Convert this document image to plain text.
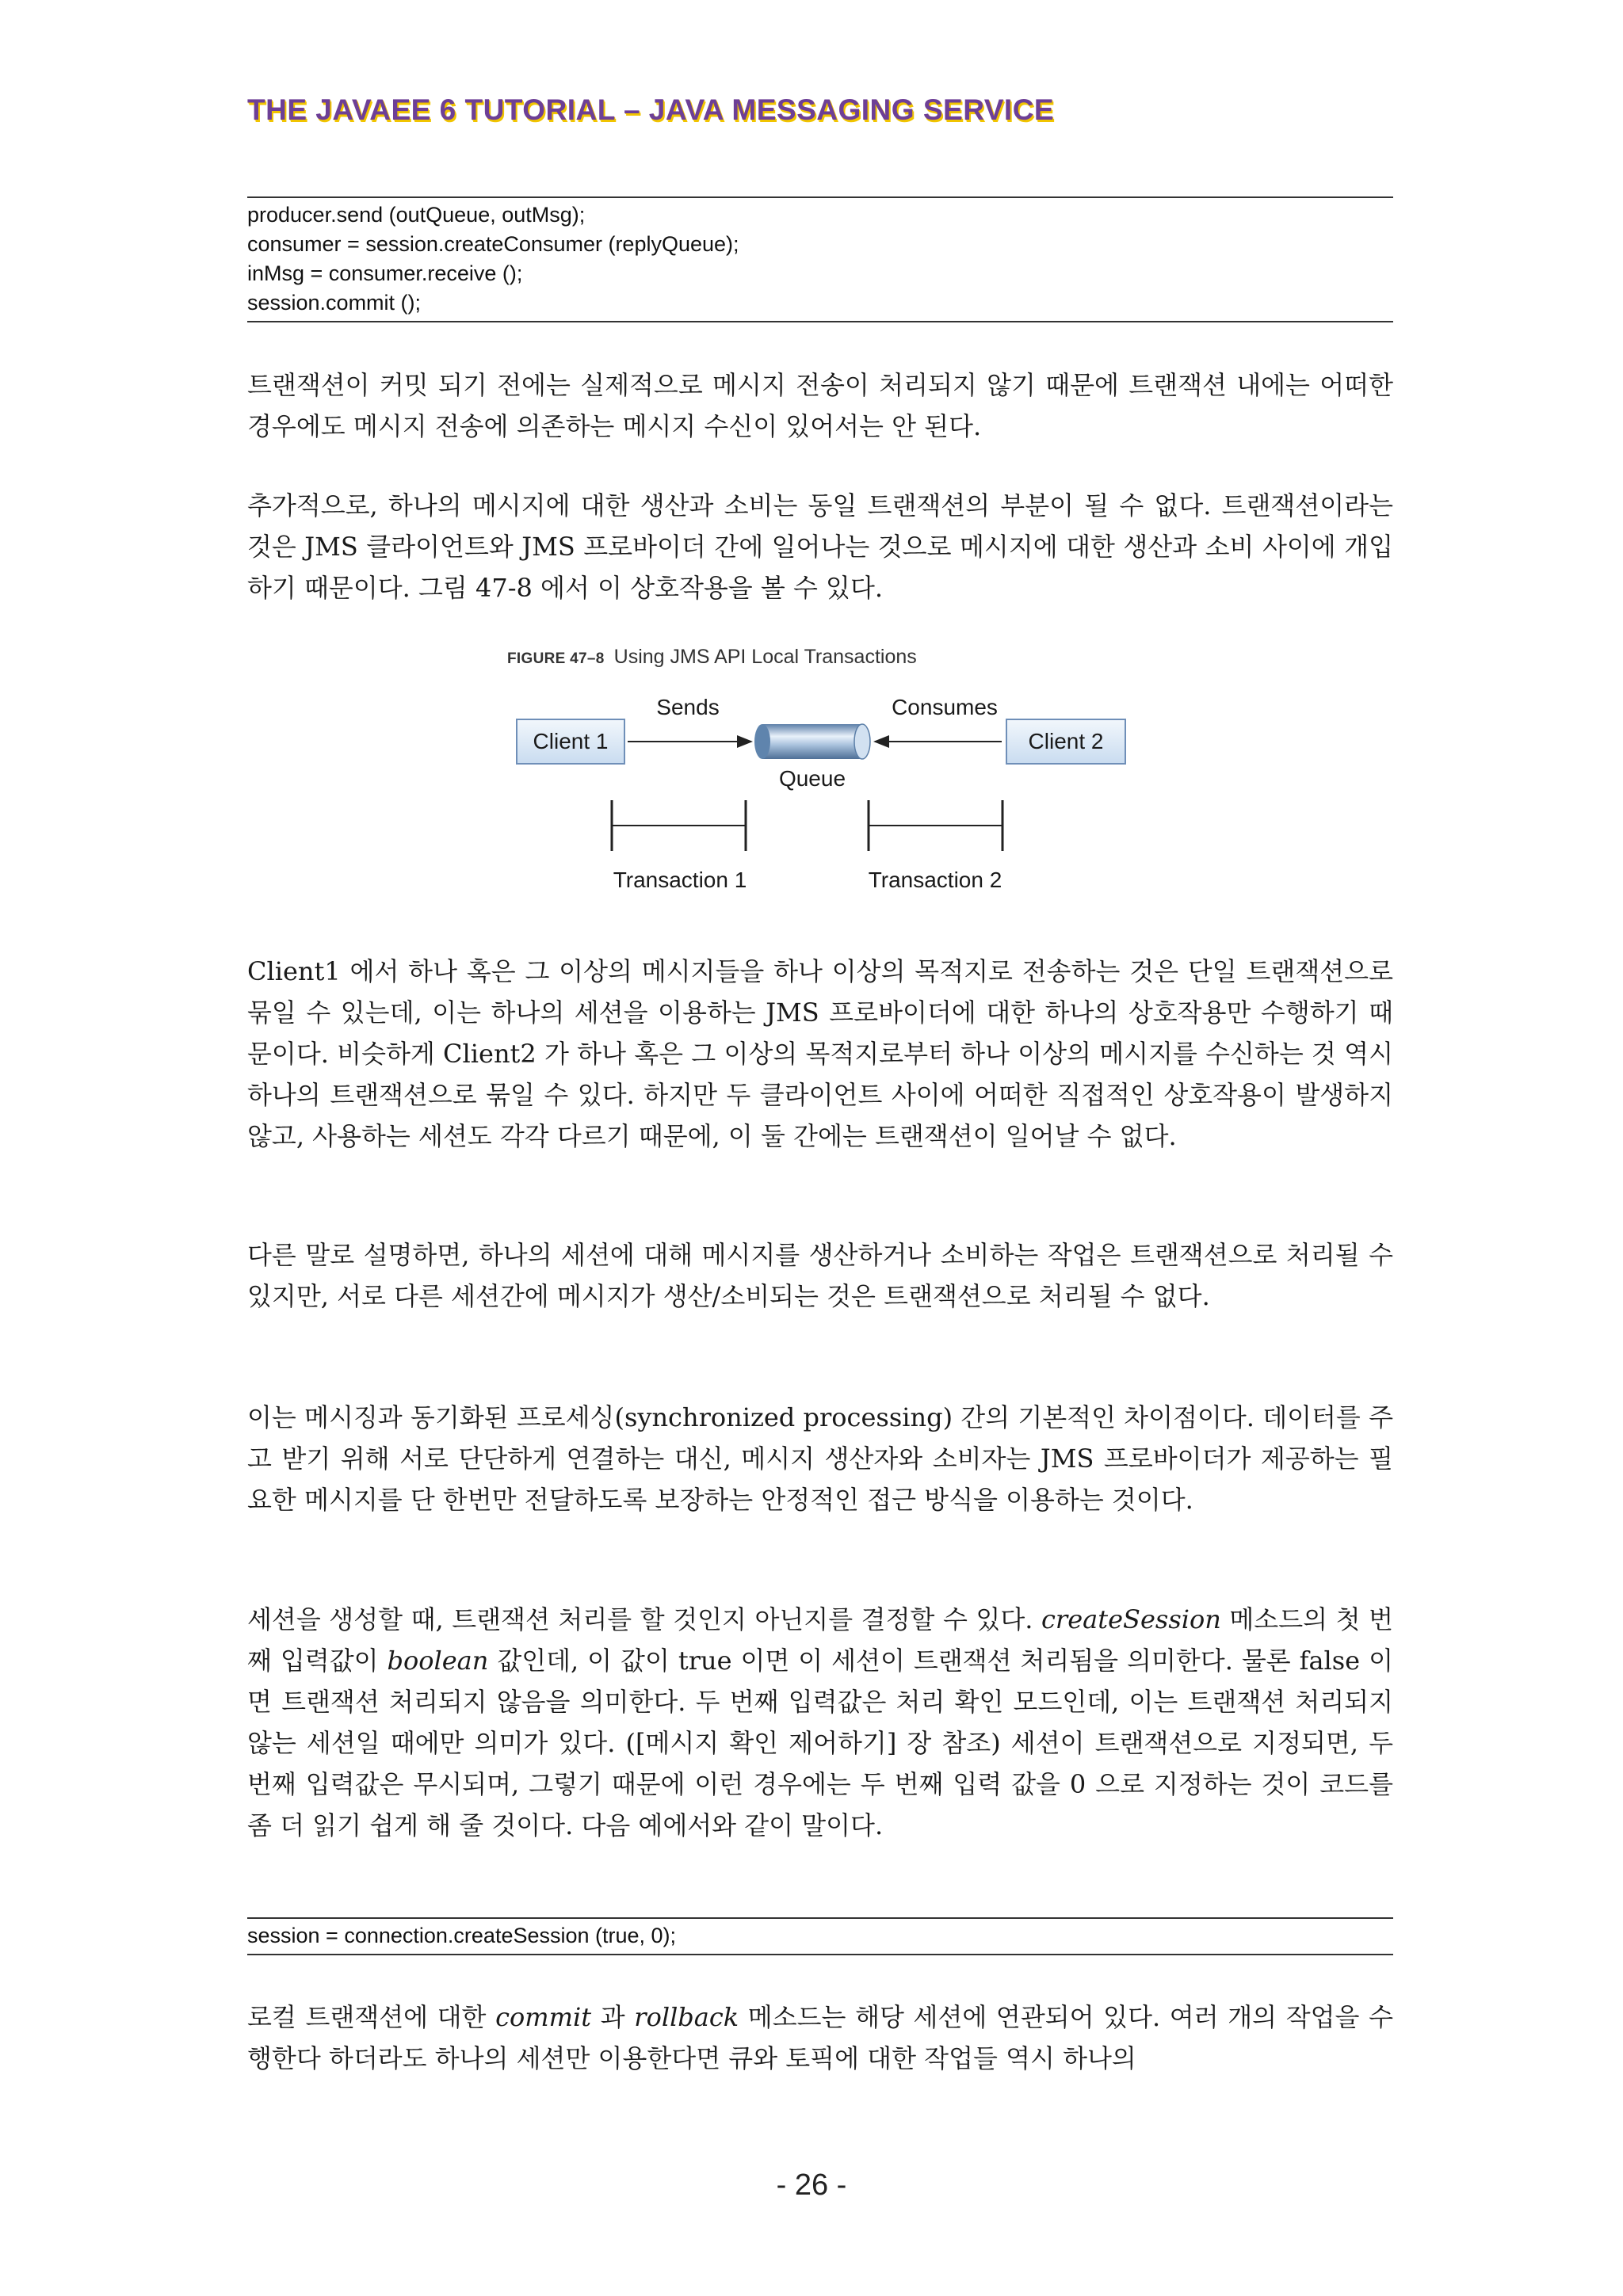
THE JAVAEE 6 TUTORIAL – JAVA MESSAGING SERVICE
producer.send (outQueue, outMsg);
consumer = session.createConsumer (replyQueue);
inMsg = consumer.receive ();
session.commit ();

트랜잭션이 커밋 되기 전에는 실제적으로 메시지 전송이 처리되지 않기 때문에 트랜잭션 내에는 어떠한 경우에도 메시지 전송에 의존하는 메시지 수신이 있어서는 안 된다.

추가적으로, 하나의 메시지에 대한 생산과 소비는 동일 트랜잭션의 부분이 될 수 없다. 트랜잭션이라는 것은 JMS 클라이언트와 JMS 프로바이더 간에 일어나는 것으로 메시지에 대한 생산과 소비 사이에 개입하기 때문이다. 그림 47-8 에서 이 상호작용을 볼 수 있다.

FIGURE 47–8 Using JMS API Local Transactions
Client 1	Client 2
Sends
Queue
Consumes
Transaction 1	Transaction 2

Client1 에서 하나 혹은 그 이상의 메시지들을 하나 이상의 목적지로 전송하는 것은 단일 트랜잭션으로 묶일 수 있는데, 이는 하나의 세션을 이용하는 JMS 프로바이더에 대한 하나의 상호작용만 수행하기 때문이다. 비슷하게 Client2 가 하나 혹은 그 이상의 목적지로부터 하나 이상의 메시지를 수신하는 것 역시 하나의 트랜잭션으로 묶일 수 있다. 하지만 두 클라이언트 사이에 어떠한 직접적인 상호작용이 발생하지 않고, 사용하는 세션도 각각 다르기 때문에, 이 둘 간에는 트랜잭션이 일어날 수 없다.

다른 말로 설명하면, 하나의 세션에 대해 메시지를 생산하거나 소비하는 작업은 트랜잭션으로 처리될 수 있지만, 서로 다른 세션간에 메시지가 생산/소비되는 것은 트랜잭션으로 처리될 수 없다.

이는 메시징과 동기화된 프로세싱(synchronized processing) 간의 기본적인 차이점이다. 데이터를 주고 받기 위해 서로 단단하게 연결하는 대신, 메시지 생산자와 소비자는 JMS 프로바이더가 제공하는 필요한 메시지를 단 한번만 전달하도록 보장하는 안정적인 접근 방식을 이용하는 것이다.

세션을 생성할 때, 트랜잭션 처리를 할 것인지 아닌지를 결정할 수 있다. createSession 메소드의 첫 번째 입력값이 boolean 값인데, 이 값이 true 이면 이 세션이 트랜잭션 처리됨을 의미한다. 물론 false 이면 트랜잭션 처리되지 않음을 의미한다. 두 번째 입력값은 처리 확인 모드인데, 이는 트랜잭션 처리되지 않는 세션일 때에만 의미가 있다. ([메시지 확인 제어하기] 장 참조) 세션이 트랜잭션으로 지정되면, 두 번째 입력값은 무시되며, 그렇기 때문에 이런 경우에는 두 번째 입력 값을 0 으로 지정하는 것이 코드를 좀 더 읽기 쉽게 해 줄 것이다. 다음 예에서와 같이 말이다.

session = connection.createSession (true, 0);

로컬 트랜잭션에 대한 commit 과 rollback 메소드는 해당 세션에 연관되어 있다. 여러 개의 작업을 수행한다 하더라도 하나의 세션만 이용한다면 큐와 토픽에 대한 작업들 역시 하나의

- 26 -
